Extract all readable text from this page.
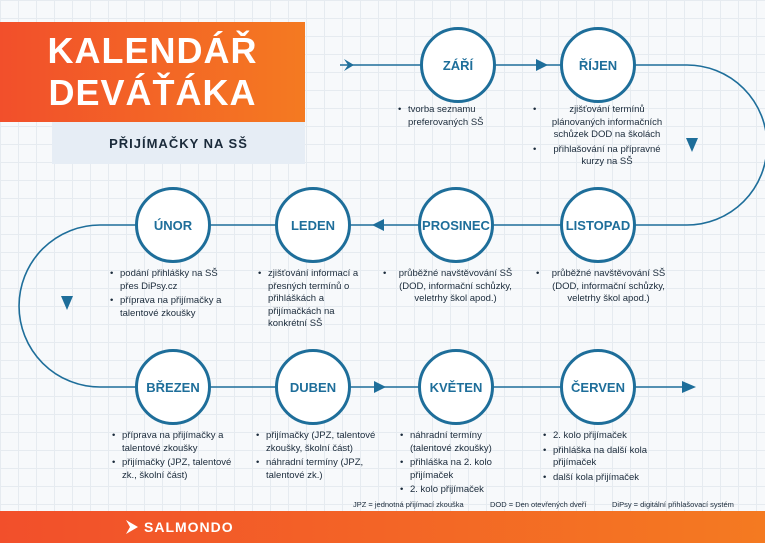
KALENDÁŘ
DEVÁŤÁKA
PŘIJÍMAČKY NA SŠ
ZÁŘÍ	ŘÍJEN
LISTOPAD
PROSINEC
LEDEN
ÚNOR
BŘEZEN	DUBEN	KVĚTEN	ČERVEN
• tvorba seznamu preferovaných SŠ
• zjišťování termínů plánovaných informačních schůzek DOD na školách
• přihlašování na přípravné kurzy na SŠ
• průběžné navštěvování SŠ (DOD, informační schůzky, veletrhy škol apod.)
• průběžné navštěvování SŠ (DOD, informační schůzky, veletrhy škol apod.)
• zjišťování informací a přesných termínů o přihláškách a přijímačkách na konkrétní SŠ
• podání přihlášky na SŠ přes DiPsy.cz
• příprava na přijímačky a talentové zkoušky
• příprava na přijímačky a talentové zkoušky
• přijímačky (JPZ, talentové zk., školní část)
• přijímačky (JPZ, talentové zkoušky, školní část)
• náhradní termíny (JPZ, talentové zk.)
• náhradní termíny (talentové zkoušky)
• přihláška na 2. kolo přijímaček
• 2. kolo přijímaček
• 2. kolo přijímaček
• přihláška na další kola přijímaček
• další kola přijímaček
JPZ = jednotná přijímací zkouška	DOD = Den otevřených dveří	DiPsy = digitální přihlašovací systém
SALMONDO
